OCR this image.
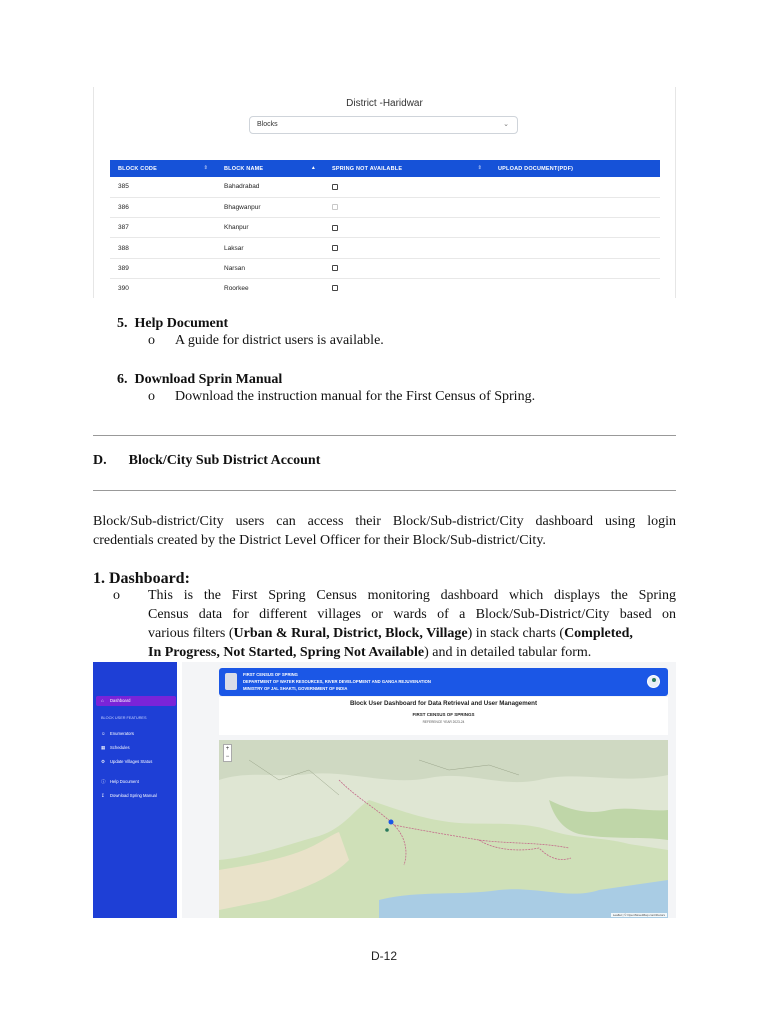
District -Haridwar
Blocks	⌄
BLOCK CODE ⇕	BLOCK NAME ▲	SPRING NOT AVAILABLE ⇕	UPLOAD DOCUMENT(PDF)
385	Bahadrabad		
386	Bhagwanpur		
387	Khanpur		
388	Laksar		
389	Narsan		
390	Roorkee		
5. Help Document
o A guide for district users is available.
6. Download Sprin Manual
o Download the instruction manual for the First Census of Spring.
D. Block/City Sub District Account
Block/Sub-district/City users can access their Block/Sub-district/City dashboard using login
credentials created by the District Level Officer for their Block/Sub-district/City.
1. Dashboard:
o This is the First Spring Census monitoring dashboard which displays the Spring
Census data for different villages or wards of a Block/Sub-District/City based on
various filters (Urban & Rural, District, Block, Village) in stack charts (Completed,
In Progress, Not Started, Spring Not Available) and in detailed tabular form.
⌂ Dashboard
BLOCK USER FEATURES
☺ Enumerators
▦ Schedules
⚙ Update Villages Status
ⓘ Help Document
↧ Download Spring Manual
FIRST CENSUS OF SPRING
DEPARTMENT OF WATER RESOURCES, RIVER DEVELOPMENT AND GANGA REJUVENATION
MINISTRY OF JAL SHAKTI, GOVERNMENT OF INDIA
Block User Dashboard for Data Retrieval and User Management
FIRST CENSUS OF SPRINGS
REFERENCE YEAR 2023-24
+
−
Leaflet | © OpenStreetMap contributors
D-12
